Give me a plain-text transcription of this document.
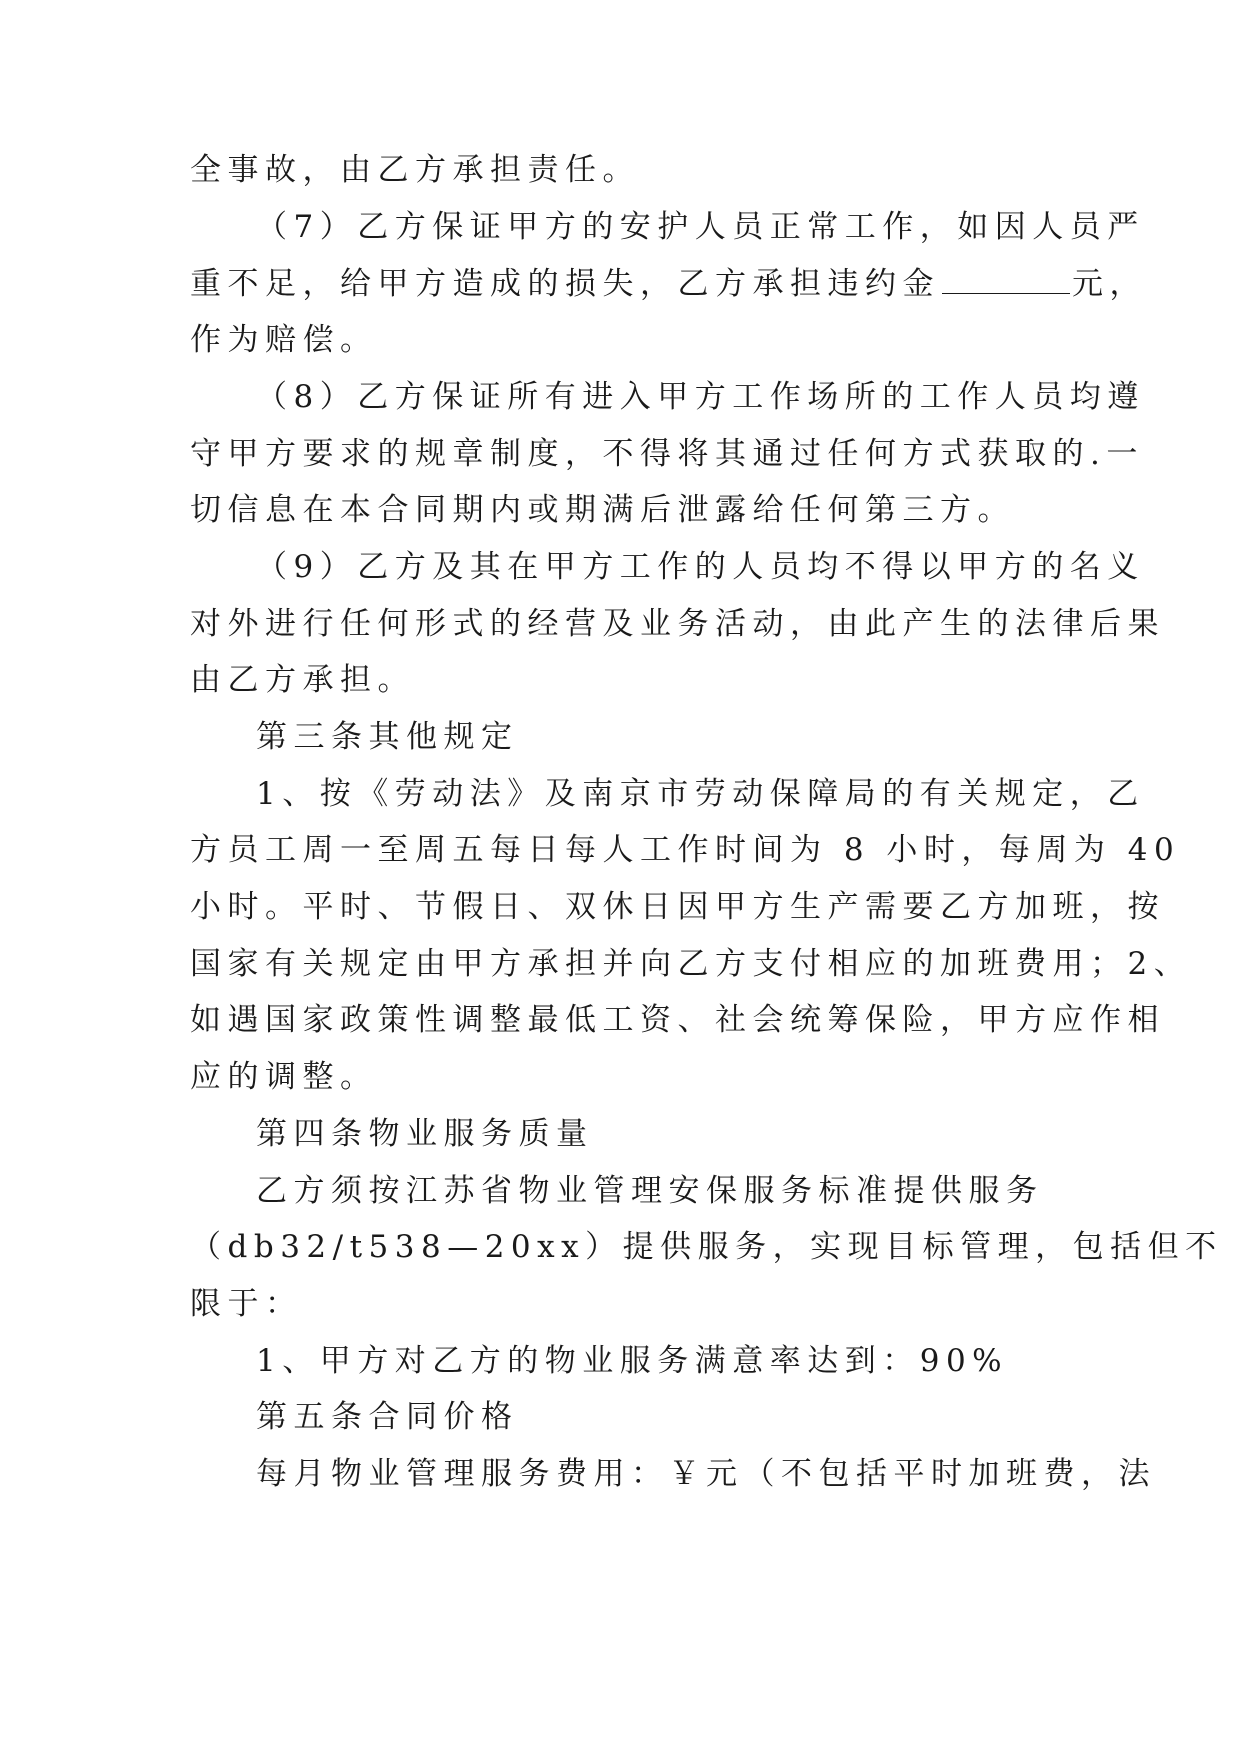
全事故，由乙方承担责任。
（7）乙方保证甲方的安护人员正常工作，如因人员严
重不足，给甲方造成的损失，乙方承担违约金	元，
作为赔偿。
（8）乙方保证所有进入甲方工作场所的工作人员均遵
守甲方要求的规章制度，不得将其通过任何方式获取的.一
切信息在本合同期内或期满后泄露给任何第三方。
（9）乙方及其在甲方工作的人员均不得以甲方的名义
对外进行任何形式的经营及业务活动，由此产生的法律后果
由乙方承担。
第三条其他规定
1、按《劳动法》及南京市劳动保障局的有关规定，乙
方员工周一至周五每日每人工作时间为 8 小时，每周为 40
小时。平时、节假日、双休日因甲方生产需要乙方加班，按
国家有关规定由甲方承担并向乙方支付相应的加班费用；2、
如遇国家政策性调整最低工资、社会统筹保险，甲方应作相
应的调整。
第四条物业服务质量
乙方须按江苏省物业管理安保服务标准提供服务
（db32/t538—20xx）提供服务，实现目标管理，包括但不
限于：
1、甲方对乙方的物业服务满意率达到：90%
第五条合同价格
每月物业管理服务费用：￥元（不包括平时加班费，法
